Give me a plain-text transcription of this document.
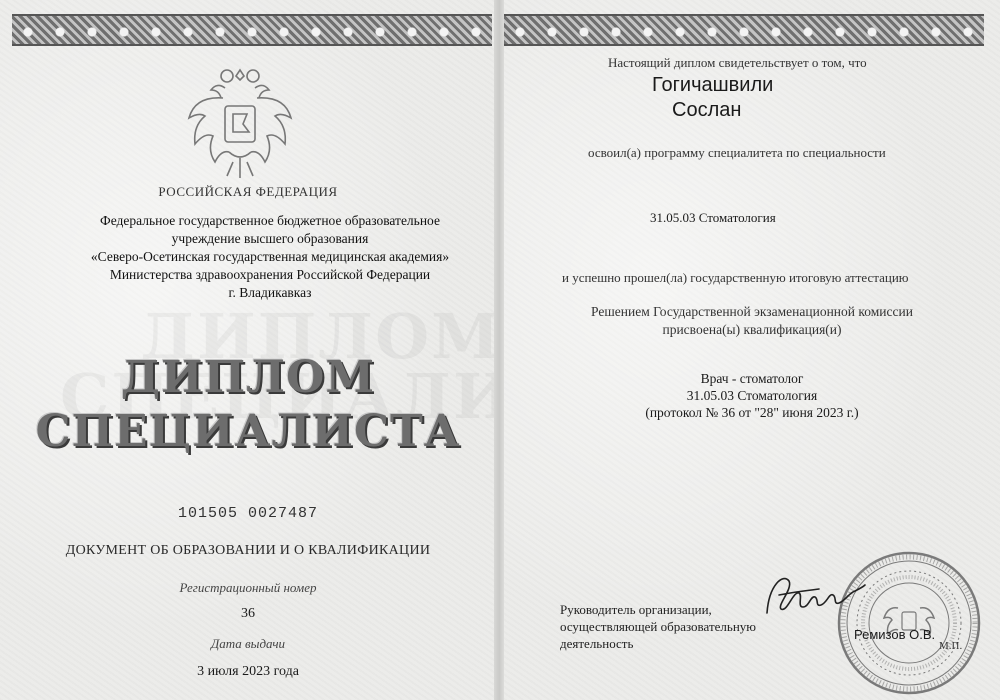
РОССИЙСКАЯ ФЕДЕРАЦИЯ
Федеральное государственное бюджетное образовательное
учреждение высшего образования
«Северо-Осетинская государственная медицинская академия»
Министерства здравоохранения Российской Федерации
г. Владикавказ
ДИПЛОМ
СПЕЦИАЛИСТА
101505 0027487
ДОКУМЕНТ ОБ ОБРАЗОВАНИИ И О КВАЛИФИКАЦИИ
Регистрационный номер
36
Дата выдачи
3 июля 2023 года
Настоящий диплом свидетельствует о том, что
Гогичашвили
Сослан
освоил(а) программу специалитета по специальности
31.05.03 Стоматология
и успешно прошел(ла) государственную итоговую аттестацию
Решением Государственной экзаменационной комиссии
присвоена(ы) квалификация(и)
Врач - стоматолог
31.05.03 Стоматология
(протокол № 36 от "28" июня 2023 г.)
Руководитель организации,
осуществляющей образовательную
деятельность
Ремизов О.В.
М.П.
